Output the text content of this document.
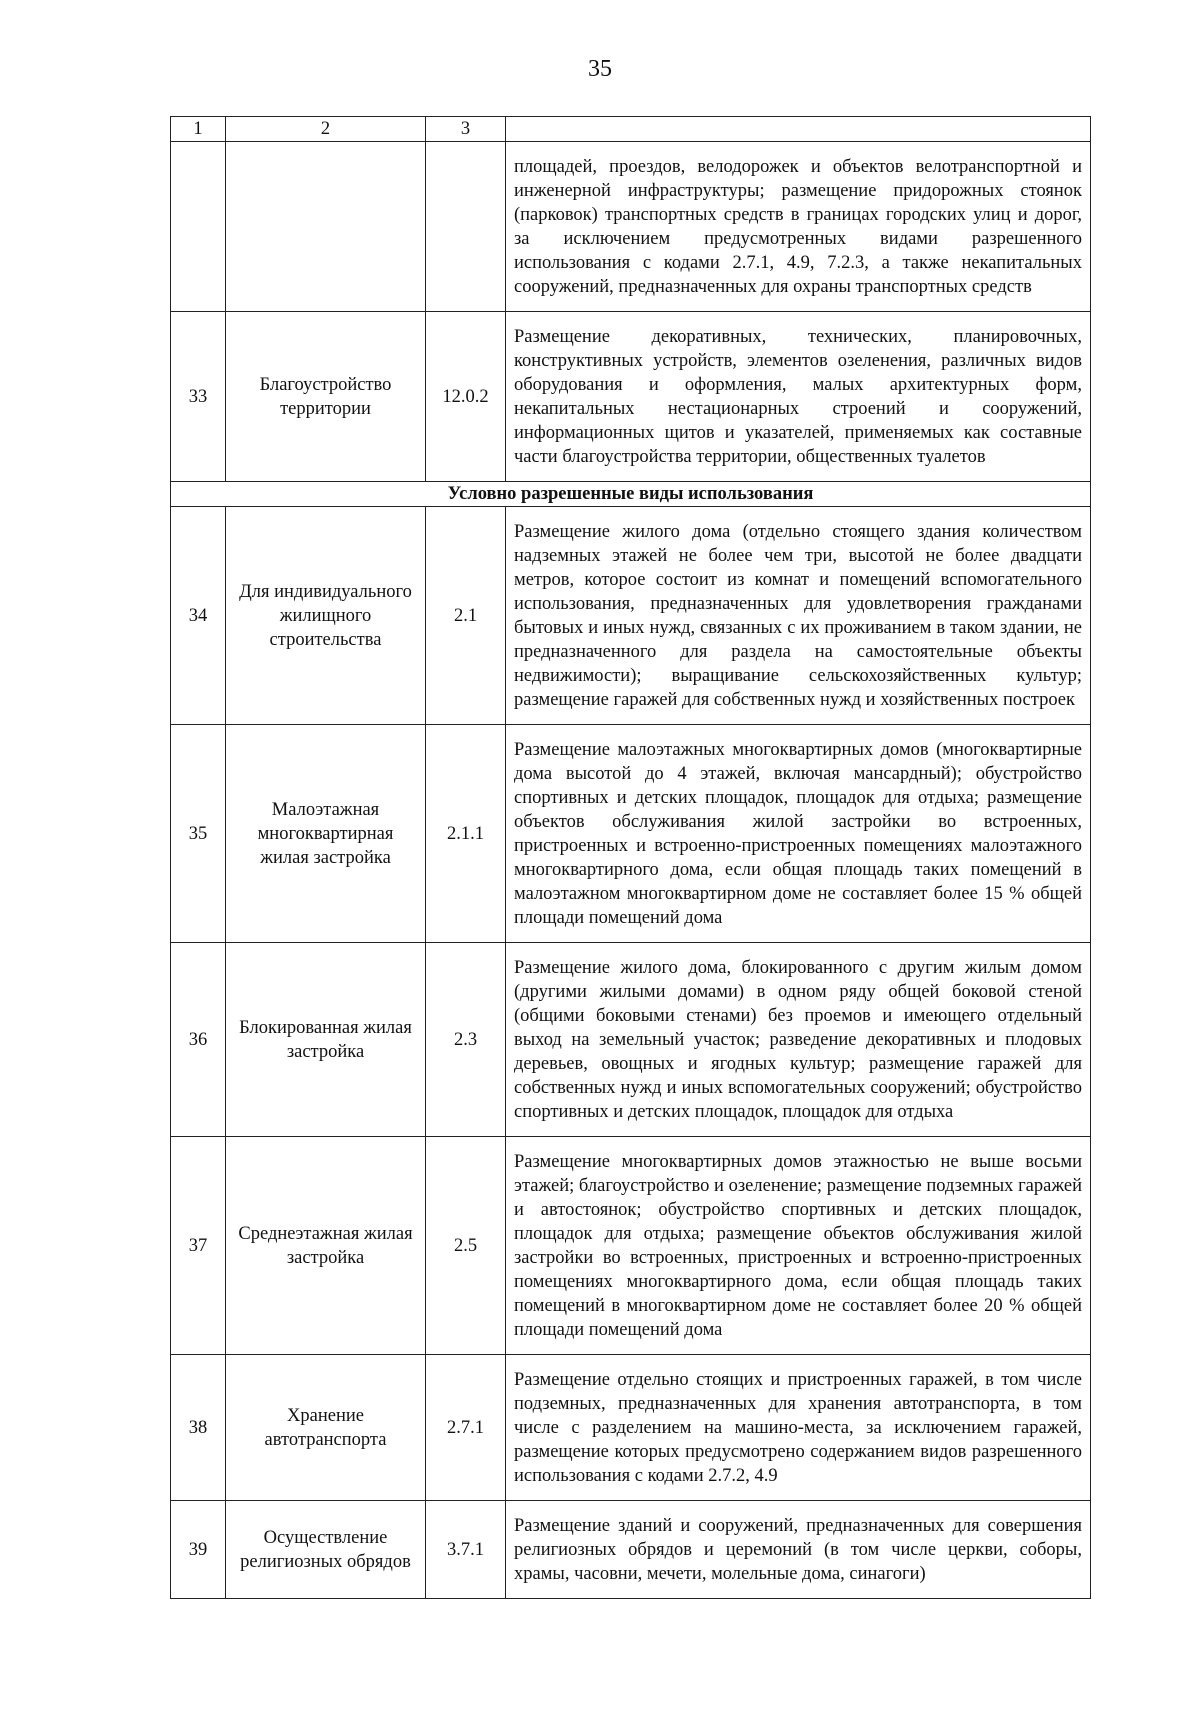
35
1	2	3	
			площадей, проездов, велодорожек и объектов велотранспортной и инженерной инфраструктуры; размещение придорожных стоянок (парковок) транспортных средств в границах городских улиц и дорог, за исключением предусмотренных видами разрешенного использования с кодами 2.7.1, 4.9, 7.2.3, а также некапитальных сооружений, предназначенных для охраны транспортных средств
33	Благоустройство территории	12.0.2	Размещение декоративных, технических, планировочных, конструктивных устройств, элементов озеленения, различных видов оборудования и оформления, малых архитектурных форм, некапитальных нестационарных строений и сооружений, информационных щитов и указателей, применяемых как составные части благоустройства территории, общественных туалетов
Условно разрешенные виды использования			
34	Для индивидуального жилищного строительства	2.1	Размещение жилого дома (отдельно стоящего здания количеством надземных этажей не более чем три, высотой не более двадцати метров, которое состоит из комнат и помещений вспомогательного использования, предназначенных для удовлетворения гражданами бытовых и иных нужд, связанных с их проживанием в таком здании, не предназначенного для раздела на самостоятельные объекты недвижимости); выращивание сельскохозяйственных культур; размещение гаражей для собственных нужд и хозяйственных построек
35	Малоэтажная многоквартирная жилая застройка	2.1.1	Размещение малоэтажных многоквартирных домов (многоквартирные дома высотой до 4 этажей, включая мансардный); обустройство спортивных и детских площадок, площадок для отдыха; размещение объектов обслуживания жилой застройки во встроенных, пристроенных и встроенно-пристроенных помещениях малоэтажного многоквартирного дома, если общая площадь таких помещений в малоэтажном многоквартирном доме не составляет более 15 % общей площади помещений дома
36	Блокированная жилая застройка	2.3	Размещение жилого дома, блокированного с другим жилым домом (другими жилыми домами) в одном ряду общей боковой стеной (общими боковыми стенами) без проемов и имеющего отдельный выход на земельный участок; разведение декоративных и плодовых деревьев, овощных и ягодных культур; размещение гаражей для собственных нужд и иных вспомогательных сооружений; обустройство спортивных и детских площадок, площадок для отдыха
37	Среднеэтажная жилая застройка	2.5	Размещение многоквартирных домов этажностью не выше восьми этажей; благоустройство и озеленение; размещение подземных гаражей и автостоянок; обустройство спортивных и детских площадок, площадок для отдыха; размещение объектов обслуживания жилой застройки во встроенных, пристроенных и встроенно-пристроенных помещениях многоквартирного дома, если общая площадь таких помещений в многоквартирном доме не составляет более 20 % общей площади помещений дома
38	Хранение автотранспорта	2.7.1	Размещение отдельно стоящих и пристроенных гаражей, в том числе подземных, предназначенных для хранения автотранспорта, в том числе с разделением на машино-места, за исключением гаражей, размещение которых предусмотрено содержанием видов разрешенного использования с кодами 2.7.2, 4.9
39	Осуществление религиозных обрядов	3.7.1	Размещение зданий и сооружений, предназначенных для совершения религиозных обрядов и церемоний (в том числе церкви, соборы, храмы, часовни, мечети, молельные дома, синагоги)
